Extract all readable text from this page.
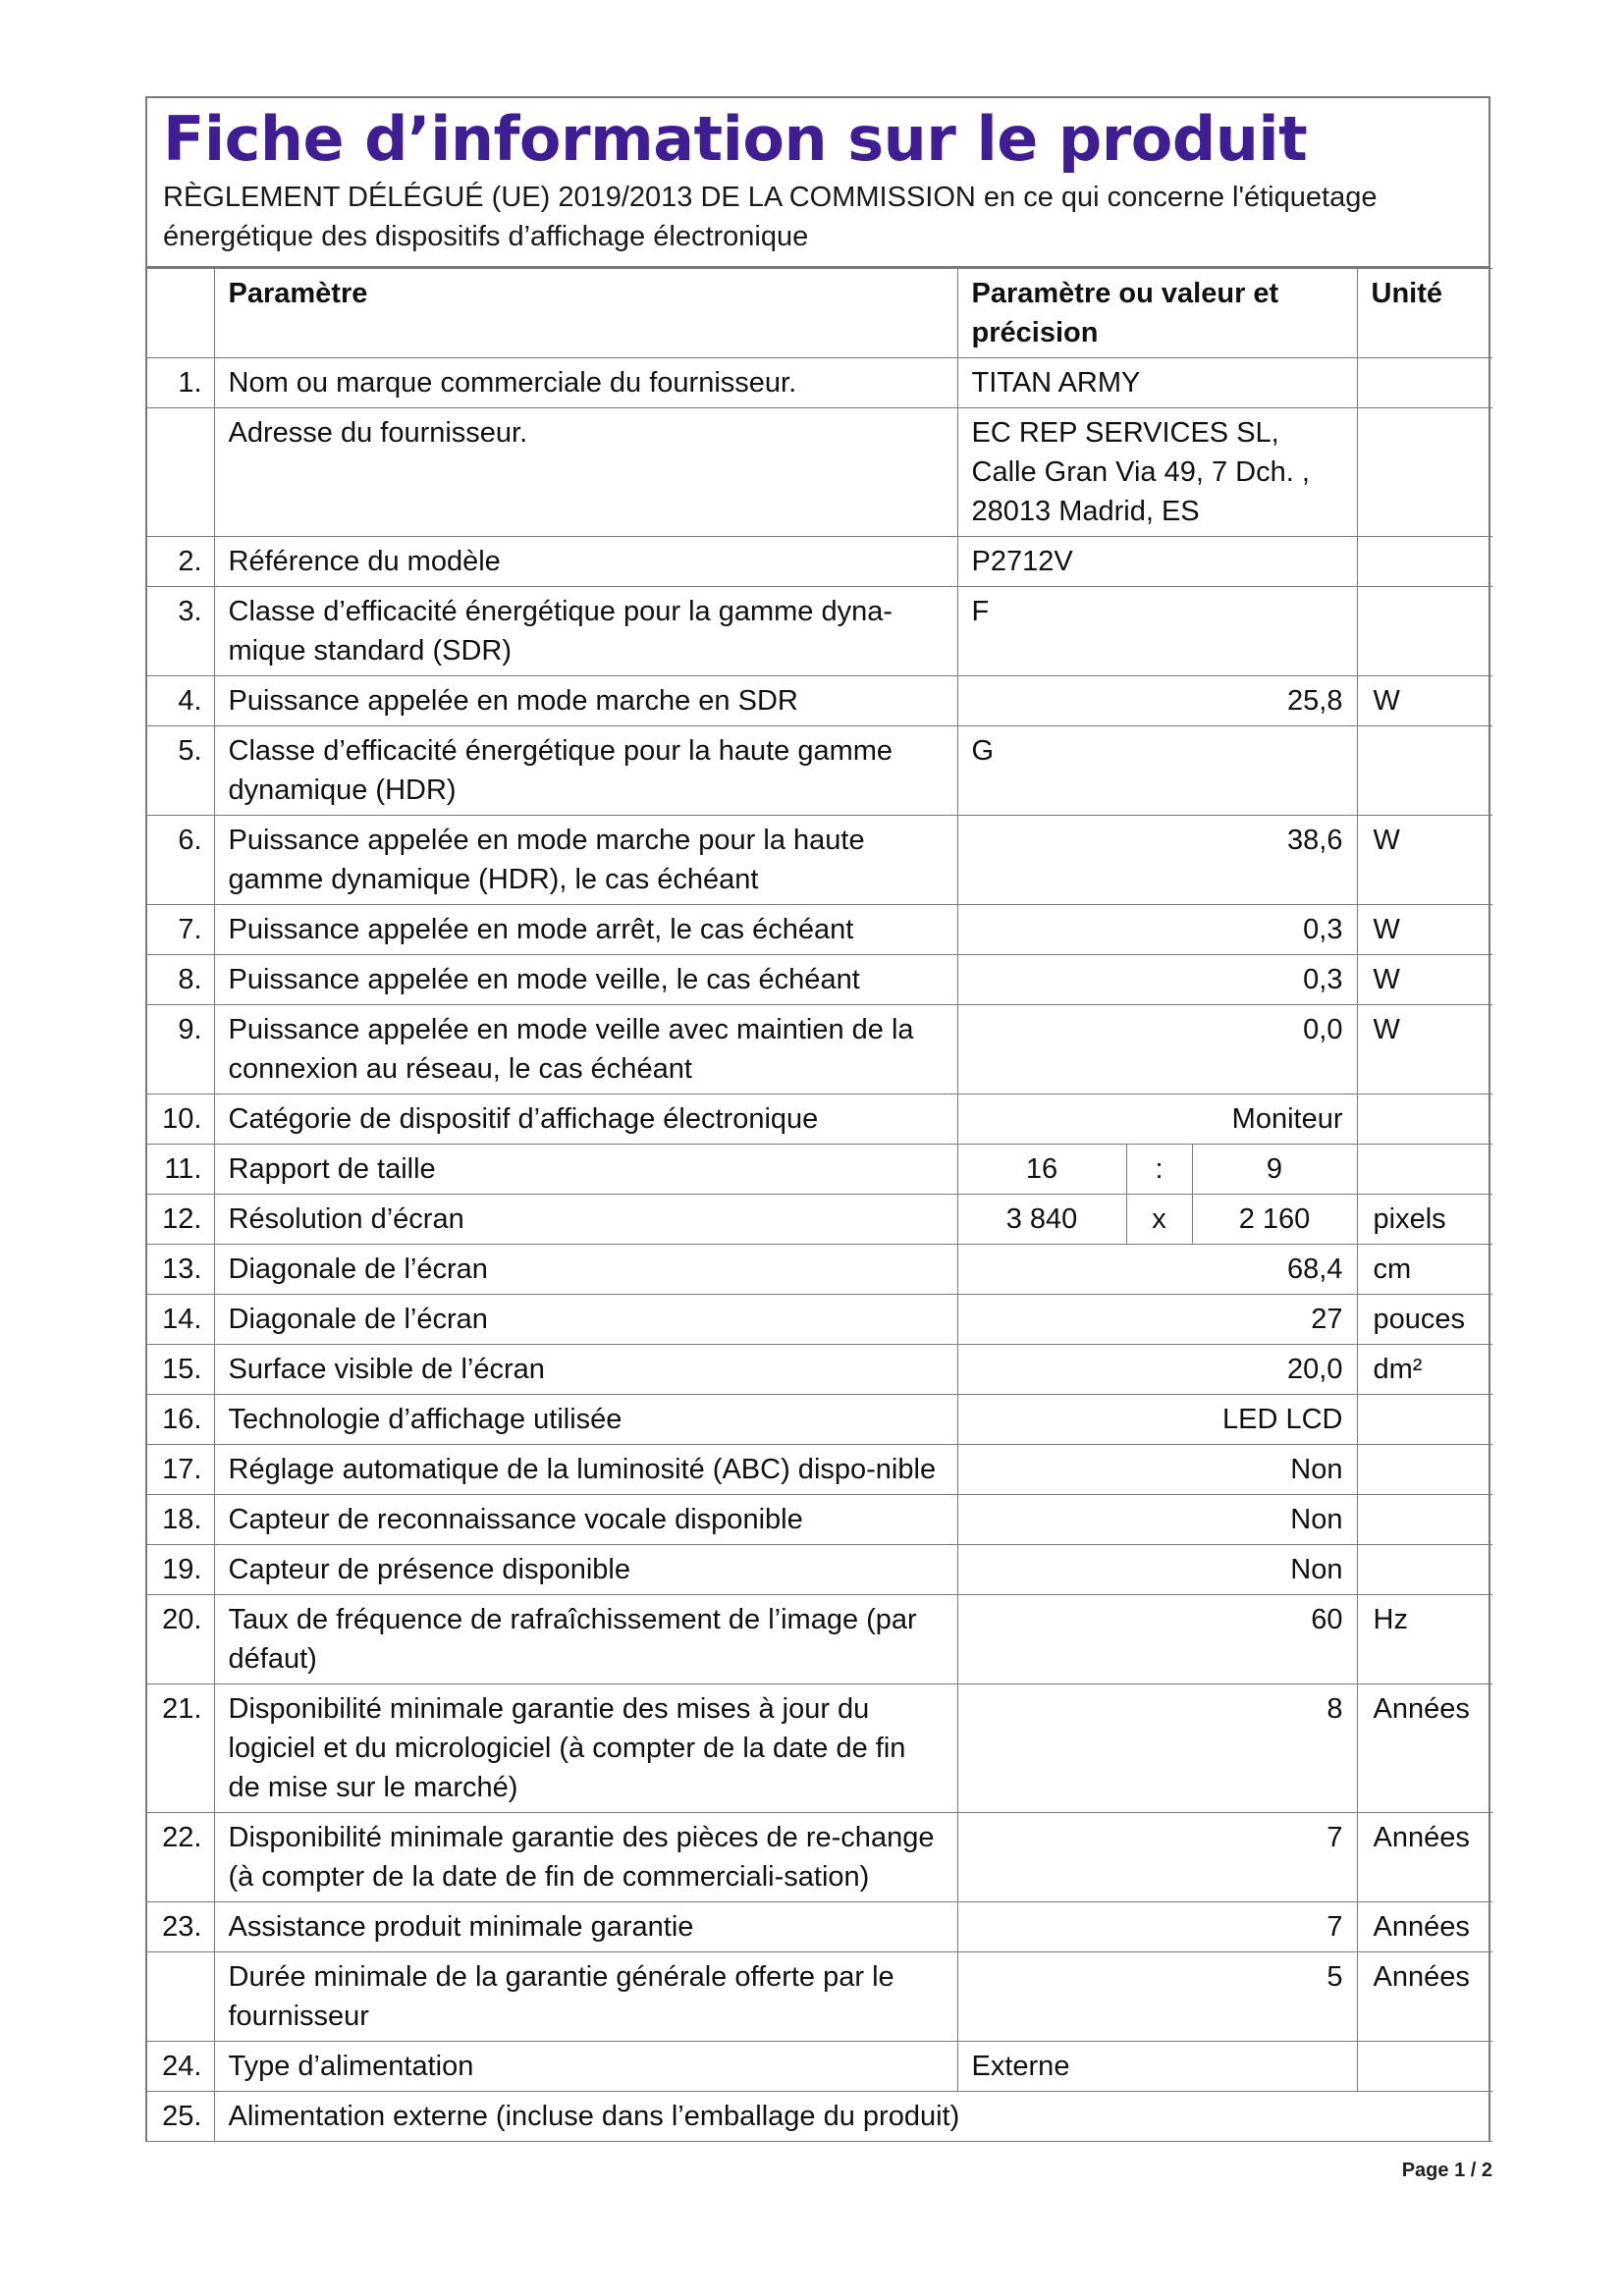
Fiche d’information sur le produit
RÈGLEMENT DÉLÉGUÉ (UE) 2019/2013 DE LA COMMISSION en ce qui concerne l'étiquetage énergétique des dispositifs d’affichage électronique
	Paramètre	Paramètre ou valeur et précision			Unité
1.	Nom ou marque commerciale du fournisseur.	TITAN ARMY			
	Adresse du fournisseur.	EC REP SERVICES SL, Calle Gran Via 49, 7 Dch. , 28013 Madrid, ES			
2.	Référence du modèle	P2712V			
3.	Classe d’efficacité énergétique pour la gamme dyna-mique standard (SDR)	F			
4.	Puissance appelée en mode marche en SDR	25,8			W
5.	Classe d’efficacité énergétique pour la haute gamme dynamique (HDR)	G			
6.	Puissance appelée en mode marche pour la haute gamme dynamique (HDR), le cas échéant	38,6			W
7.	Puissance appelée en mode arrêt, le cas échéant	0,3			W
8.	Puissance appelée en mode veille, le cas échéant	0,3			W
9.	Puissance appelée en mode veille avec maintien de la connexion au réseau, le cas échéant	0,0			W
10.	Catégorie de dispositif d’affichage électronique	Moniteur			
11.	Rapport de taille	16	:	9	
12.	Résolution d’écran	3 840	x	2 160	pixels
13.	Diagonale de l’écran	68,4			cm
14.	Diagonale de l’écran	27			pouces
15.	Surface visible de l’écran	20,0			dm²
16.	Technologie d’affichage utilisée	LED LCD			
17.	Réglage automatique de la luminosité (ABC) dispo-nible	Non			
18.	Capteur de reconnaissance vocale disponible	Non			
19.	Capteur de présence disponible	Non			
20.	Taux de fréquence de rafraîchissement de l’image (par défaut)	60			Hz
21.	Disponibilité minimale garantie des mises à jour du logiciel et du micrologiciel (à compter de la date de fin de mise sur le marché)	8			Années
22.	Disponibilité minimale garantie des pièces de re-change (à compter de la date de fin de commerciali-sation)	7			Années
23.	Assistance produit minimale garantie	7			Années
	Durée minimale de la garantie générale offerte par le fournisseur	5			Années
24.	Type d’alimentation	Externe			
25.	Alimentation externe (incluse dans l’emballage du produit)				
Page 1 / 2
